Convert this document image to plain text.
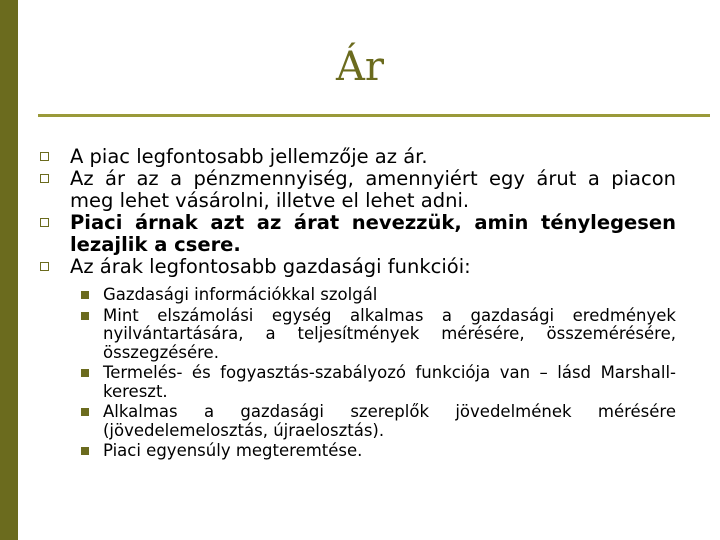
Ár
A piac legfontosabb jellemzője az ár.
Az ár az a pénzmennyiség, amennyiért egy árut a piacon meg lehet vásárolni, illetve el lehet adni.
Piaci árnak azt az árat nevezzük, amin ténylegesen lezajlik a csere.
Az árak legfontosabb gazdasági funkciói:
Gazdasági információkkal szolgál
Mint elszámolási egység alkalmas a gazdasági eredmények nyilvántartására, a teljesítmények mérésére, összemérésére, összegzésére.
Termelés- és fogyasztás-szabályozó funkciója van – lásd Marshall-kereszt.
Alkalmas a gazdasági szereplők jövedelmének mérésére (jövedelemelosztás, újraelosztás).
Piaci egyensúly megteremtése.
